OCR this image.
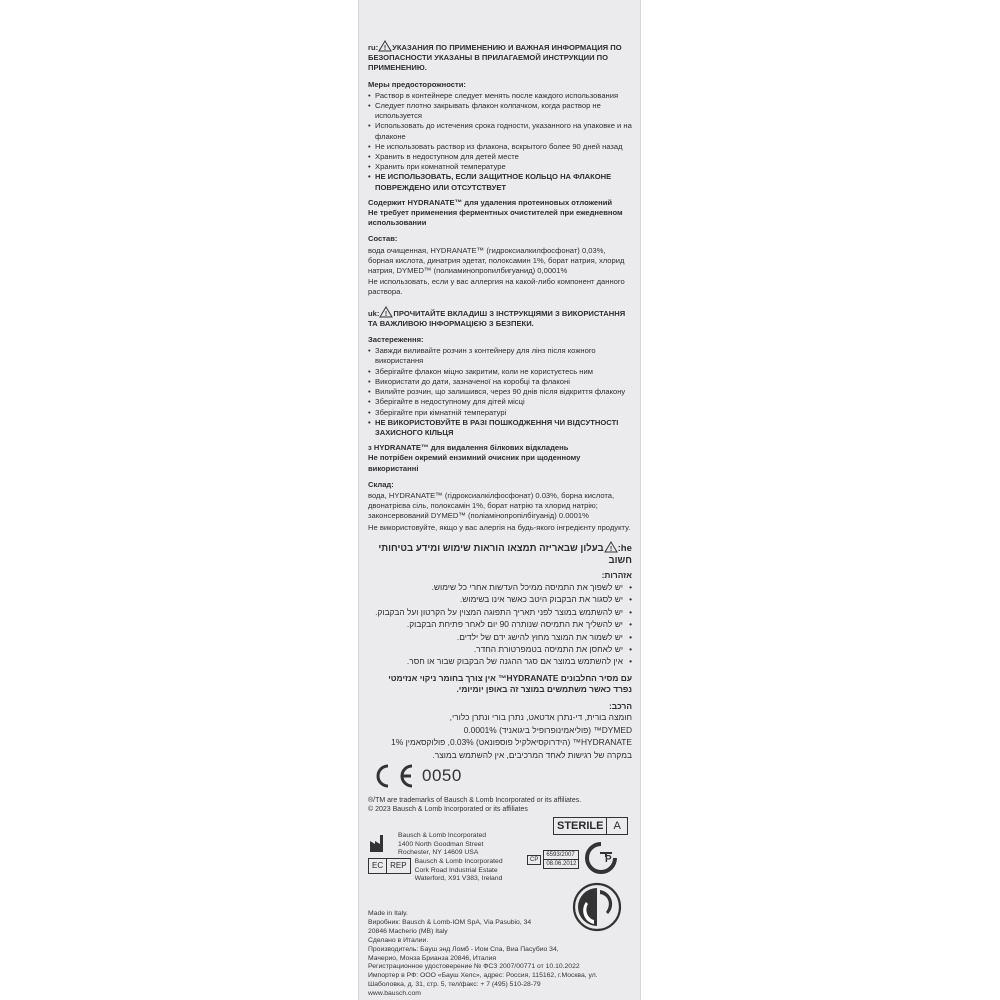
ru: ! УКАЗАНИЯ ПО ПРИМЕНЕНИЮ И ВАЖНАЯ ИНФОРМАЦИЯ ПО БЕЗОПАСНОСТИ УКАЗАНЫ В ПРИЛАГАЕМОЙ ИНСТРУКЦИИ ПО ПРИМЕНЕНИЮ.
Меры предосторожности:
• Раствор в контейнере следует менять после каждого использования
• Следует плотно закрывать флакон колпачком, когда раствор не используется
• Использовать до истечения срока годности, указанного на упаковке и на флаконе
• Не использовать раствор из флакона, вскрытого более 90 дней назад
• Хранить в недоступном для детей месте
• Хранить при комнатной температуре
• НЕ ИСПОЛЬЗОВАТЬ, ЕСЛИ ЗАЩИТНОЕ КОЛЬЦО НА ФЛАКОНЕ ПОВРЕЖДЕНО ИЛИ ОТСУТСТВУЕТ
Содержит HYDRANATE™ для удаления протеиновых отложений
Не требует применения ферментных очистителей при ежедневном использовании
Состав:
вода очищенная, HYDRANATE™ (гидроксиалкилфосфонат) 0,03%, борная кислота, динатрия эдетат, полоксамин 1%, борат натрия, хлорид натрия, DYMED™ (полиаминопропилбигуанид) 0,0001%
Не использовать, если у вас аллергия на какой-либо компонент данного раствора.
uk: ! ПРОЧИТАЙТЕ ВКЛАДИШ З ІНСТРУКЦІЯМИ З ВИКОРИСТАННЯ ТА ВАЖЛИВОЮ ІНФОРМАЦІЄЮ З БЕЗПЕКИ.
Застереження:
• Завжди виливайте розчин з контейнеру для лінз після кожного використання
• Зберігайте флакон міцно закритим, коли не користуєтесь ним
• Використати до дати, зазначеної на коробці та флаконі
• Вилийте розчин, що залишився, через 90 днів після відкриття флакону
• Зберігайте в недоступному для дітей місці
• Зберігайте при кімнатній температурі
• НЕ ВИКОРИСТОВУЙТЕ В РАЗІ ПОШКОДЖЕННЯ ЧИ ВІДСУТНОСТІ ЗАХИСНОГО КІЛЬЦЯ
з HYDRANATE™ для видалення білкових відкладень
Не потрібен окремий ензимний очисник при щоденному використанні
Склад:
вода, HYDRANATE™ (гідроксиалкілфосфонат) 0.03%, борна кислота, двонатрієва сіль, полоксамін 1%, борат натрію та хлорид натрію; законсервований DYMED™ (поліамінопропілбігуанід) 0.0001%
Не використовуйте, якщо у вас алергія на будь-якого інгредієнту продукту.
he:
!
בעלון שבאריזה תמצאו הוראות שימוש ומידע בטיחותי חשוב
אזהרות:
• יש לשפוך את התמיסה ממיכל העדשות אחרי כל שימוש.
• יש לסגור את הבקבוק היטב כאשר אינו בשימוש.
• יש להשתמש במוצר לפני תאריך התפוגה המצוין על הקרטון ועל הבקבוק.
• יש להשליך את התמיסה שנותרה 90 יום לאחר פתיחת הבקבוק.
• יש לשמור את המוצר מחוץ להישג ידם של ילדים.
• יש לאחסן את התמיסה בטמפרטורת החדר.
• אין להשתמש במוצר אם סגר ההגנה של הבקבוק שבור או חסר.
עם מסיר החלבונים HYDRANATE™ אין צורך בחומר ניקוי אנזימטי נפרד כאשר משתמשים במוצר זה באופן יומיומי.
הרכב:
חומצה בורית, די-נתרן אדטאט, נתרן בורי ונתרן כלורי,
DYMED™ (פוליאמינופרופיל ביגואניד) 0.0001%
HYDRANATE™ (הידרוקסיאלקיל פוספונאט) 0.03%, פולוקסאמין 1%
במקרה של רגישות לאחד המרכיבים, אין להשתמש במוצר.
0050
®/TM are trademarks of Bausch & Lomb Incorporated or its affiliates.
© 2023 Bausch & Lomb Incorporated or its affiliates
STERILE A
Bausch & Lomb Incorporated
1400 North Goodman Street
Rochester, NY 14609 USA
EC REP	Bausch & Lomb Incorporated
Cork Road Industrial Estate
Waterford, X91 V383, Ireland
CP
6593/2007
08.06.2012	P
Made in Italy.
Виробник: Bausch & Lomb-IOM SpA, Via Pasubio, 34
20846 Macherio (MB) Italy
Сделано в Италии.
Производитель: Бауш энд Ломб - Иом Спа, Виа Пасубио 34,
Мачерио, Монза Брианза 20846, Италия
Регистрационное удостоверение № ФСЗ 2007/00771 от 10.10.2022
Импортер в РФ: ООО «Бауш Хелс», адрес: Россия, 115162, г.Москва, ул.
Шаболовка, д. 31, стр. 5, тел/факс: + 7 (495) 510-28-79
www.bausch.com
